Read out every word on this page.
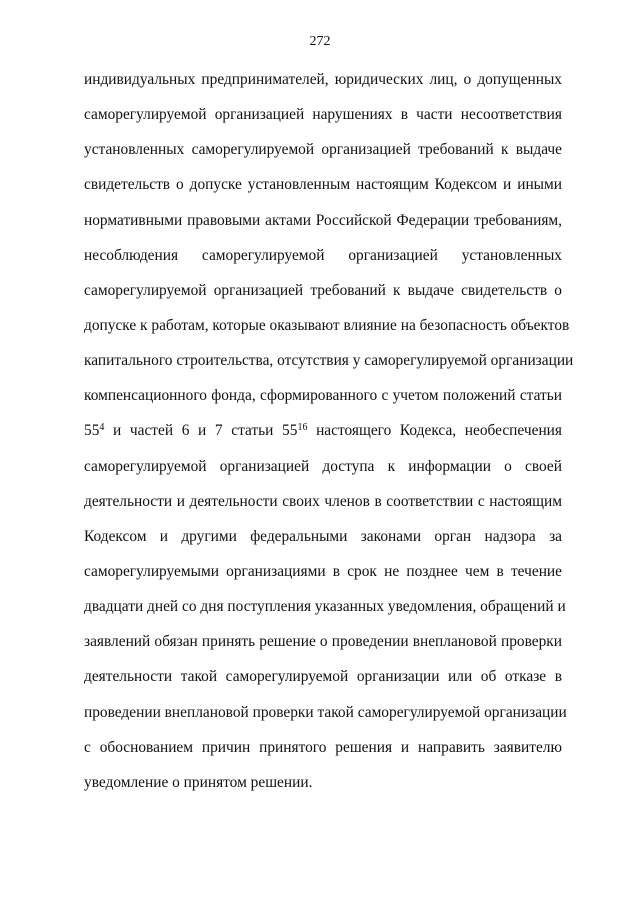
272
индивидуальных предпринимателей, юридических лиц, о допущенных
саморегулируемой организацией нарушениях в части несоответствия
установленных саморегулируемой организацией требований к выдаче
свидетельств о допуске установленным настоящим Кодексом и иными
нормативными правовыми актами Российской Федерации требованиям,
несоблюдения саморегулируемой организацией установленных
саморегулируемой организацией требований к выдаче свидетельств о
допуске к работам, которые оказывают влияние на безопасность объектов
капитального строительства, отсутствия у саморегулируемой организации
компенсационного фонда, сформированного с учетом положений статьи
$55^4$ и частей 6 и 7 статьи $55^{16}$ настоящего Кодекса, необеспечения
саморегулируемой организацией доступа к информации о своей
деятельности и деятельности своих членов в соответствии с настоящим
Кодексом и другими федеральными законами орган надзора за
саморегулируемыми организациями в срок не позднее чем в течение
двадцати дней со дня поступления указанных уведомления, обращений и
заявлений обязан принять решение о проведении внеплановой проверки
деятельности такой саморегулируемой организации или об отказе в
проведении внеплановой проверки такой саморегулируемой организации
с обоснованием причин принятого решения и направить заявителю
уведомление о принятом решении.
